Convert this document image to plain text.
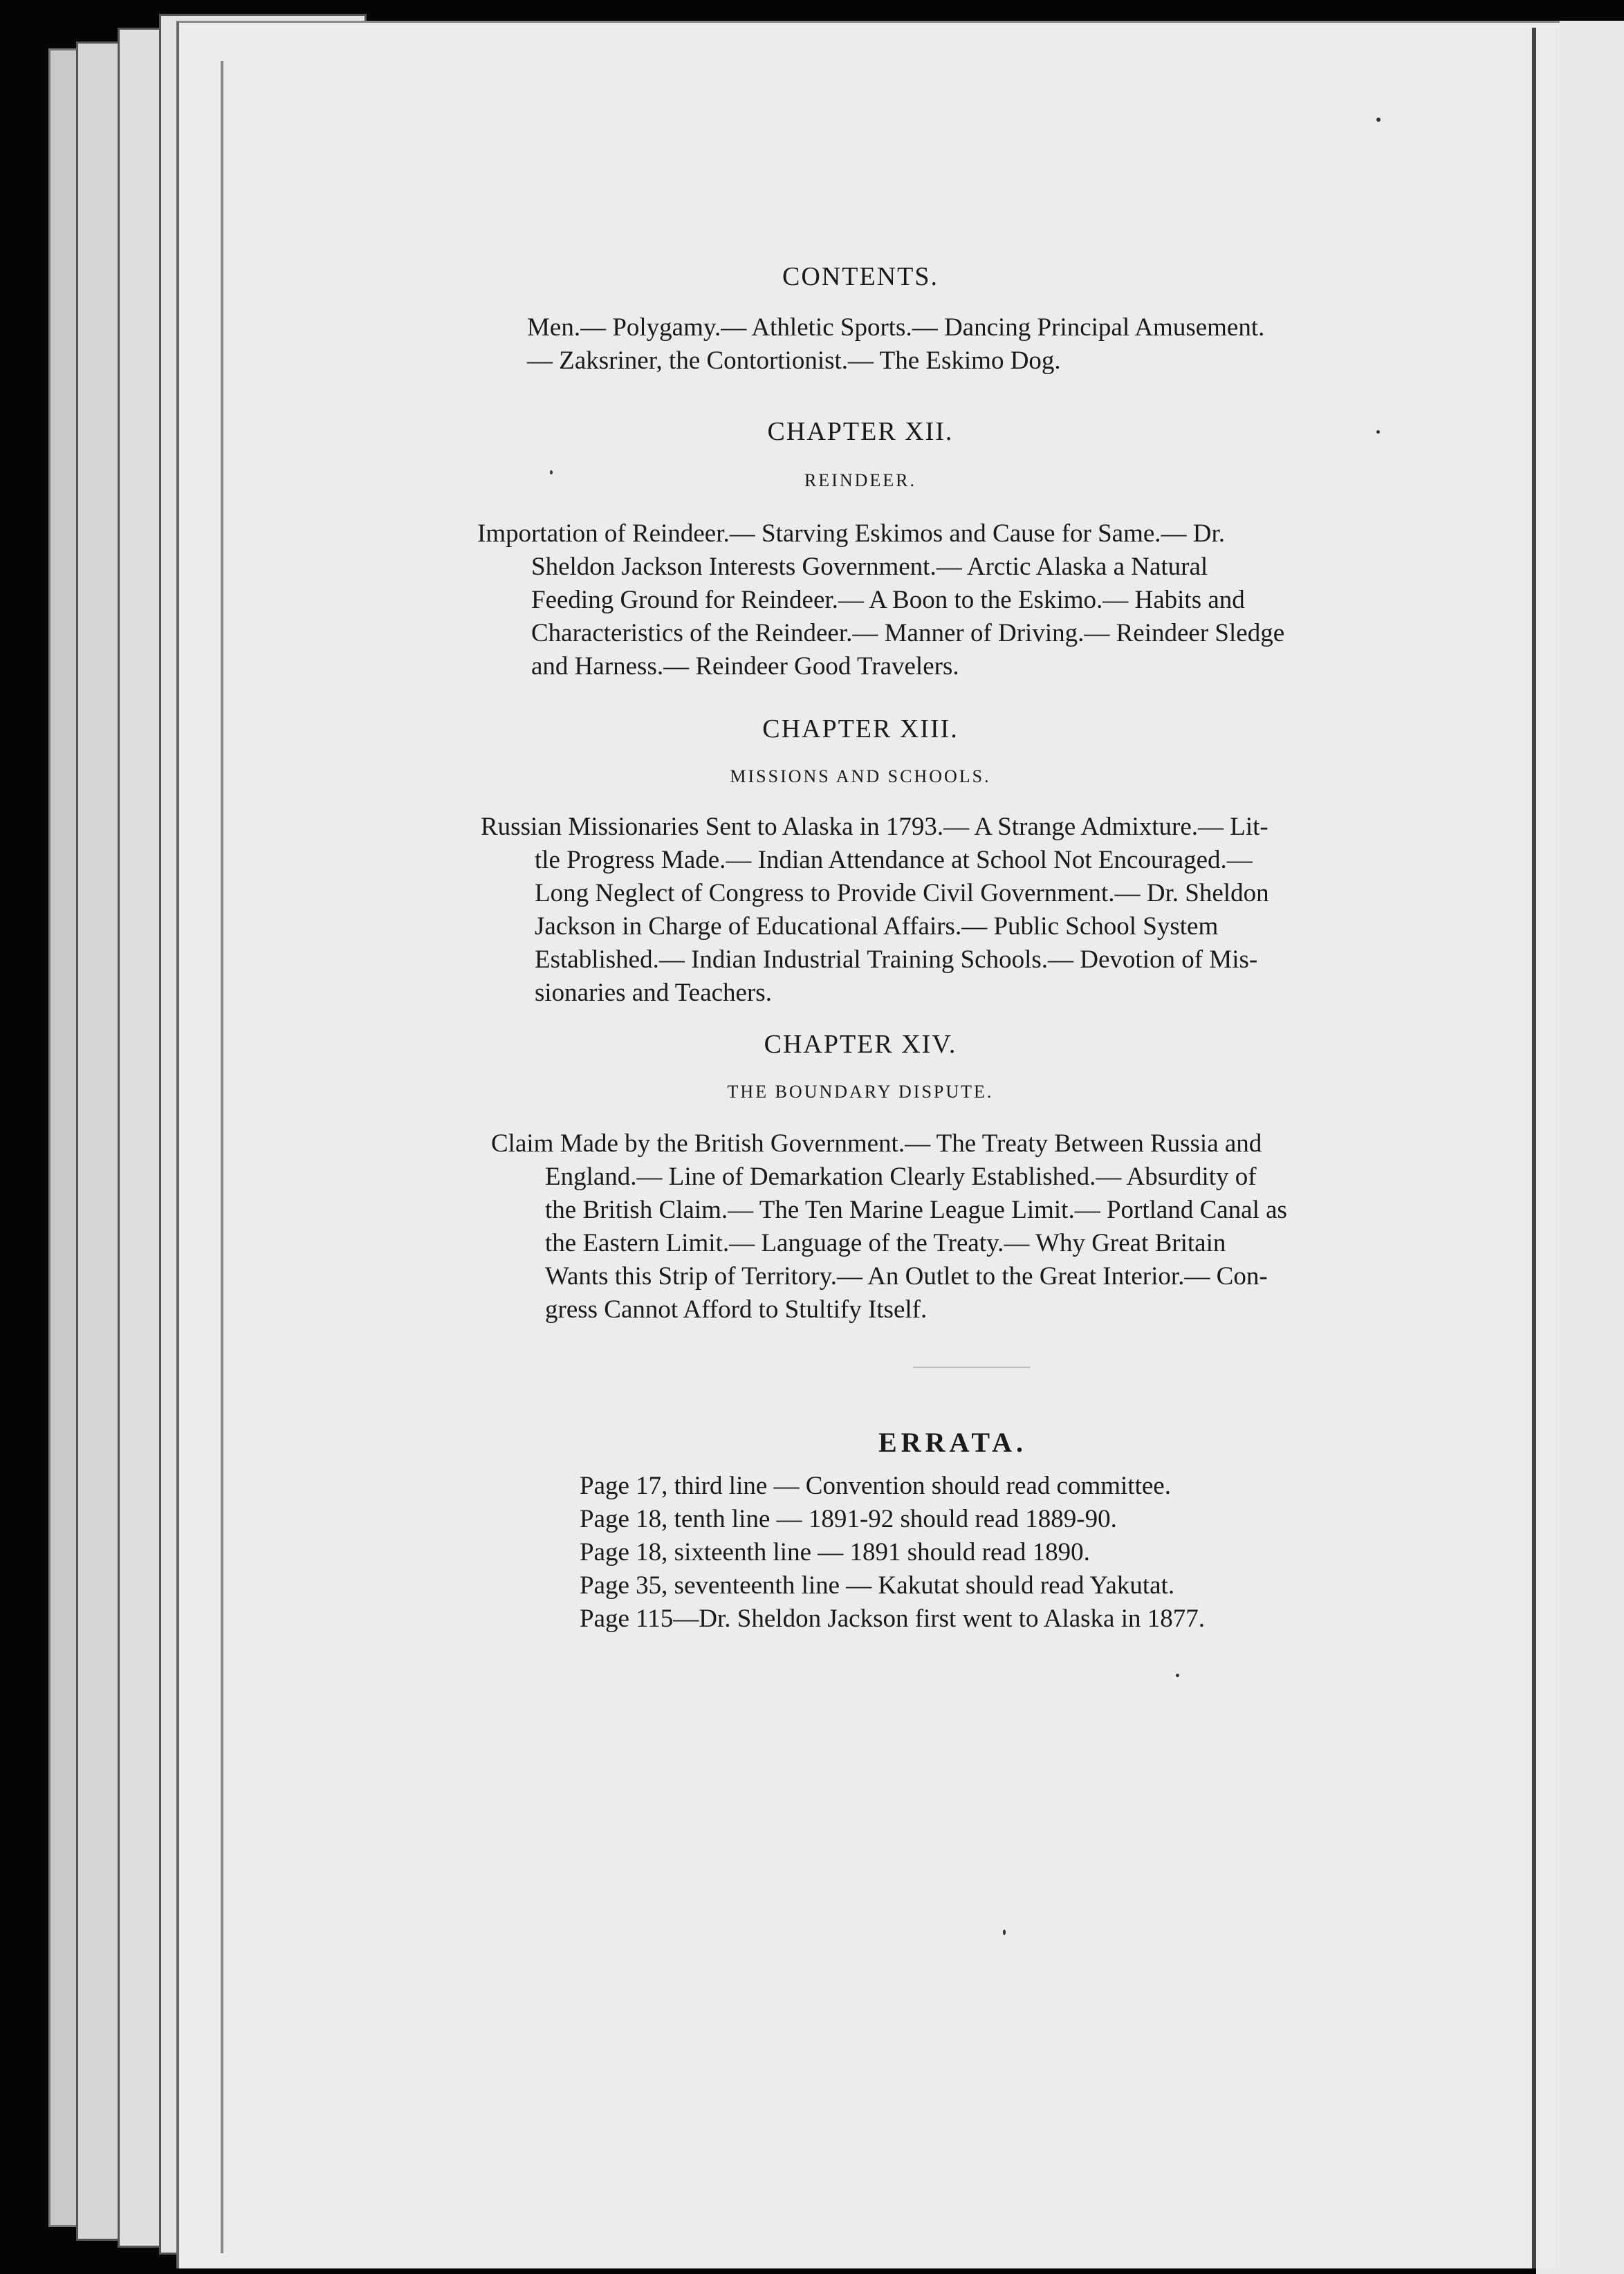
CONTENTS.

Men.— Polygamy.— Athletic Sports.— Dancing Principal Amusement.
— Zaksriner, the Contortionist.— The Eskimo Dog.

CHAPTER XII.
REINDEER.

Importation of Reindeer.— Starving Eskimos and Cause for Same.— Dr.
Sheldon Jackson Interests Government.— Arctic Alaska a Natural
Feeding Ground for Reindeer.— A Boon to the Eskimo.— Habits and
Characteristics of the Reindeer.— Manner of Driving.— Reindeer Sledge
and Harness.— Reindeer Good Travelers.

CHAPTER XIII.
MISSIONS AND SCHOOLS.

Russian Missionaries Sent to Alaska in 1793.— A Strange Admixture.— Lit-
tle Progress Made.— Indian Attendance at School Not Encouraged.—
Long Neglect of Congress to Provide Civil Government.— Dr. Sheldon
Jackson in Charge of Educational Affairs.— Public School System
Established.— Indian Industrial Training Schools.— Devotion of Mis-
sionaries and Teachers.

CHAPTER XIV.
THE BOUNDARY DISPUTE.

Claim Made by the British Government.— The Treaty Between Russia and
England.— Line of Demarkation Clearly Established.— Absurdity of
the British Claim.— The Ten Marine League Limit.— Portland Canal as
the Eastern Limit.— Language of the Treaty.— Why Great Britain
Wants this Strip of Territory.— An Outlet to the Great Interior.— Con-
gress Cannot Afford to Stultify Itself.

ERRATA.
Page 17, third line — Convention should read committee.
Page 18, tenth line — 1891-92 should read 1889-90.
Page 18, sixteenth line — 1891 should read 1890.
Page 35, seventeenth line — Kakutat should read Yakutat.
Page 115—Dr. Sheldon Jackson first went to Alaska in 1877.
